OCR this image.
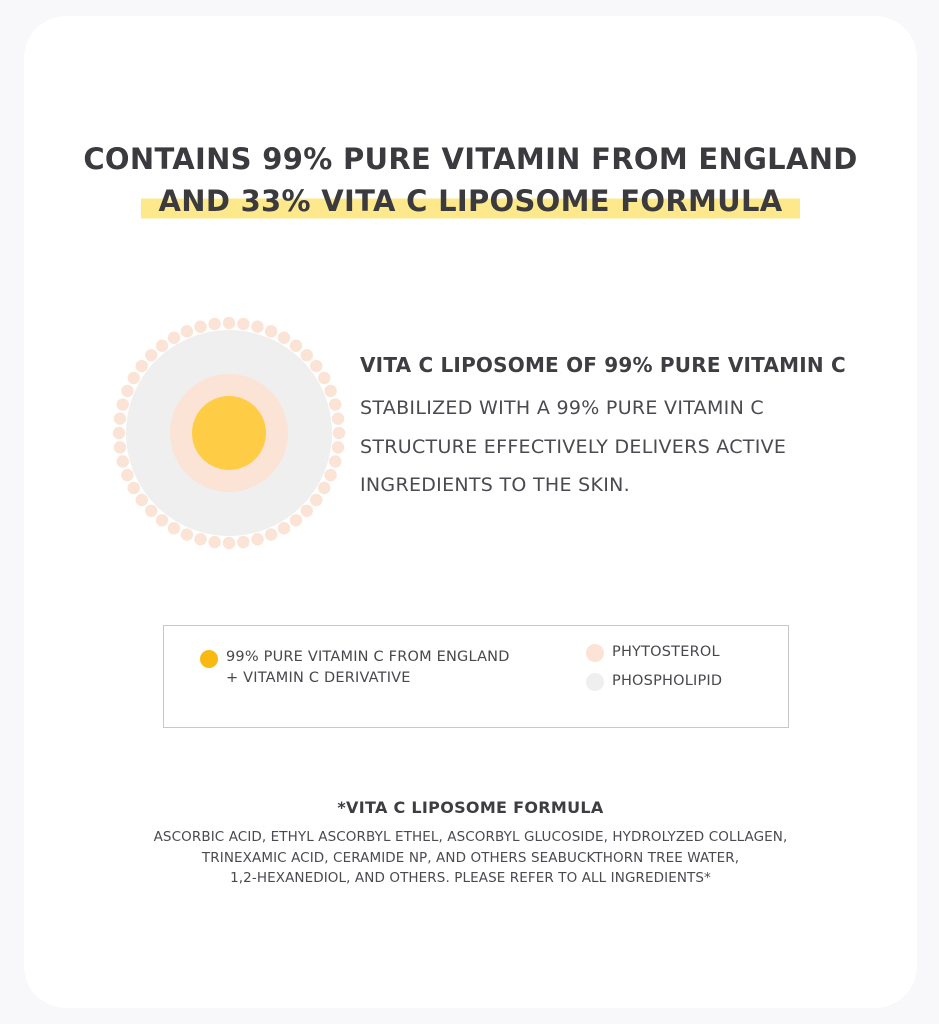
CONTAINS 99% PURE VITAMIN FROM ENGLAND
AND 33% VITA C LIPOSOME FORMULA

VITA C LIPOSOME OF 99% PURE VITAMIN C

STABILIZED WITH A 99% PURE VITAMIN C
STRUCTURE EFFECTIVELY DELIVERS ACTIVE
INGREDIENTS TO THE SKIN.

99% PURE VITAMIN C FROM ENGLAND
+ VITAMIN C DERIVATIVE
PHYTOSTEROL
PHOSPHOLIPID
*VITA C LIPOSOME FORMULA
ASCORBIC ACID, ETHYL ASCORBYL ETHEL, ASCORBYL GLUCOSIDE, HYDROLYZED COLLAGEN,
TRINEXAMIC ACID, CERAMIDE NP, AND OTHERS SEABUCKTHORN TREE WATER,
1,2-HEXANEDIOL, AND OTHERS. PLEASE REFER TO ALL INGREDIENTS*
